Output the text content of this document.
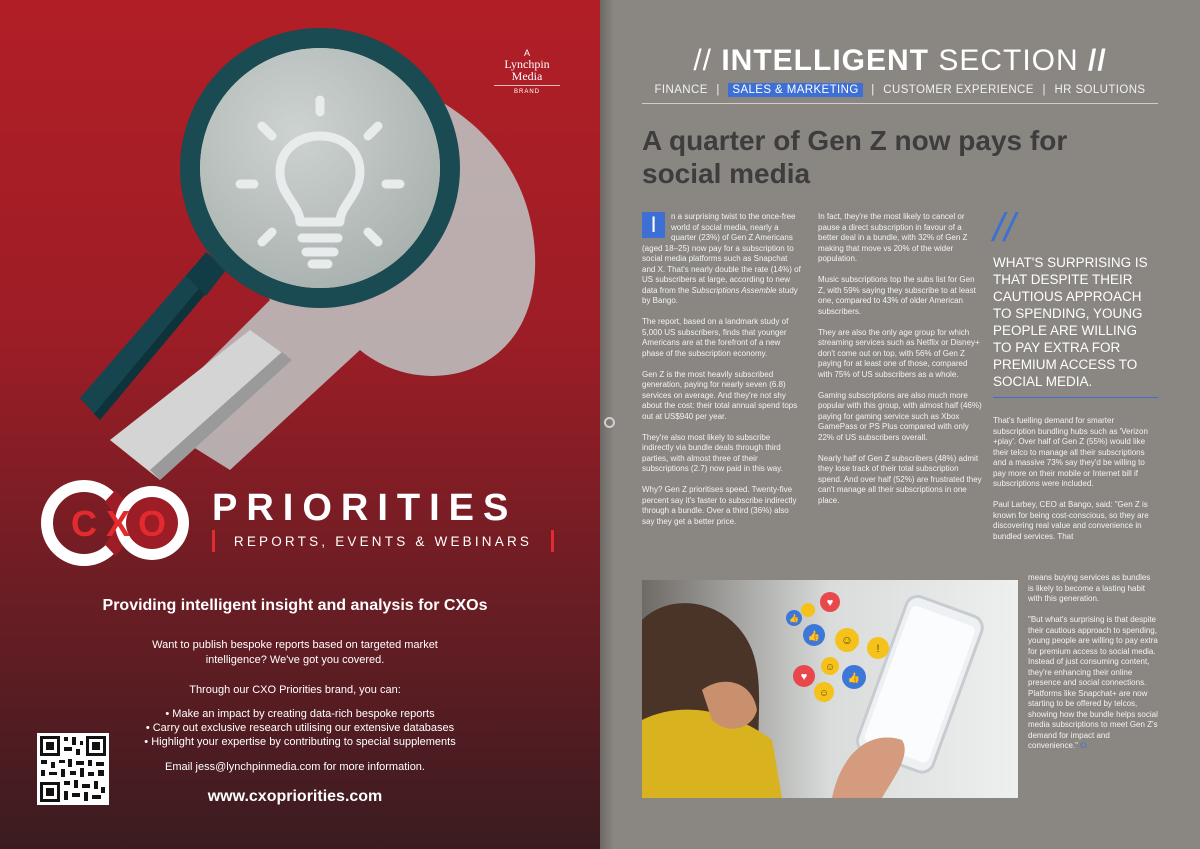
A
Lynchpin
Media
BRAND
C X O PRIORITIES
REPORTS, EVENTS & WEBINARS
Providing intelligent insight and analysis for CXOs
Want to publish bespoke reports based on targeted market intelligence? We've got you covered.
Through our CXO Priorities brand, you can:
• Make an impact by creating data-rich bespoke reports
• Carry out exclusive research utilising our extensive databases
• Highlight your expertise by contributing to special supplements
Email jess@lynchpinmedia.com for more information.
www.cxopriorities.com
// INTELLIGENT SECTION //
FINANCE | SALES & MARKETING | CUSTOMER EXPERIENCE | HR SOLUTIONS
A quarter of Gen Z now pays for social media

I	n a surprising twist to the once-free world of social media, nearly a quarter (23%) of Gen Z Americans (aged 18–25) now pay for a subscription to social media platforms such as Snapchat and X. That's nearly double the rate (14%) of US subscribers at large, according to new data from the Subscriptions Assemble study by Bango.

The report, based on a landmark study of 5,000 US subscribers, finds that younger Americans are at the forefront of a new phase of the subscription economy.

Gen Z is the most heavily subscribed generation, paying for nearly seven (6.8) services on average. And they're not shy about the cost: their total annual spend tops out at US$940 per year.

They're also most likely to subscribe indirectly via bundle deals through third parties, with almost three of their subscriptions (2.7) now paid in this way.

Why? Gen Z prioritises speed. Twenty-five percent say it's faster to subscribe indirectly through a bundle. Over a third (36%) also say they get a better price.

In fact, they're the most likely to cancel or pause a direct subscription in favour of a better deal in a bundle, with 32% of Gen Z making that move vs 20% of the wider population.

Music subscriptions top the subs list for Gen Z, with 59% saying they subscribe to at least one, compared to 43% of older American subscribers.

They are also the only age group for which streaming services such as Netflix or Disney+ don't come out on top, with 56% of Gen Z paying for at least one of those, compared with 75% of US subscribers as a whole.

Gaming subscriptions are also much more popular with this group, with almost half (46%) paying for gaming service such as Xbox GamePass or PS Plus compared with only 22% of US subscribers overall.

Nearly half of Gen Z subscribers (48%) admit they lose track of their total subscription spend. And over half (52%) are frustrated they can't manage all their subscriptions in one place.

//
WHAT'S SURPRISING IS THAT DESPITE THEIR CAUTIOUS APPROACH TO SPENDING, YOUNG PEOPLE ARE WILLING TO PAY EXTRA FOR PREMIUM ACCESS TO SOCIAL MEDIA.

That's fuelling demand for smarter subscription bundling hubs such as 'Verizon +play'. Over half of Gen Z (55%) would like their telco to manage all their subscriptions and a massive 73% say they'd be willing to pay more on their mobile or Internet bill if subscriptions were included.

Paul Larbey, CEO at Bango, said: "Gen Z is known for being cost-conscious, so they are discovering real value and convenience in bundled services. That

means buying services as bundles is likely to become a lasting habit with this generation.

"But what's surprising is that despite their cautious approach to spending, young people are willing to pay extra for premium access to social media. Instead of just consuming content, they're enhancing their online presence and social connections. Platforms like Snapchat+ are now starting to be offered by telcos, showing how the bundle helps social media subscriptions to meet Gen Z's demand for impact and convenience." ⭘

♥
👍 ☺
!
☺
♥	👍
☺
👍
